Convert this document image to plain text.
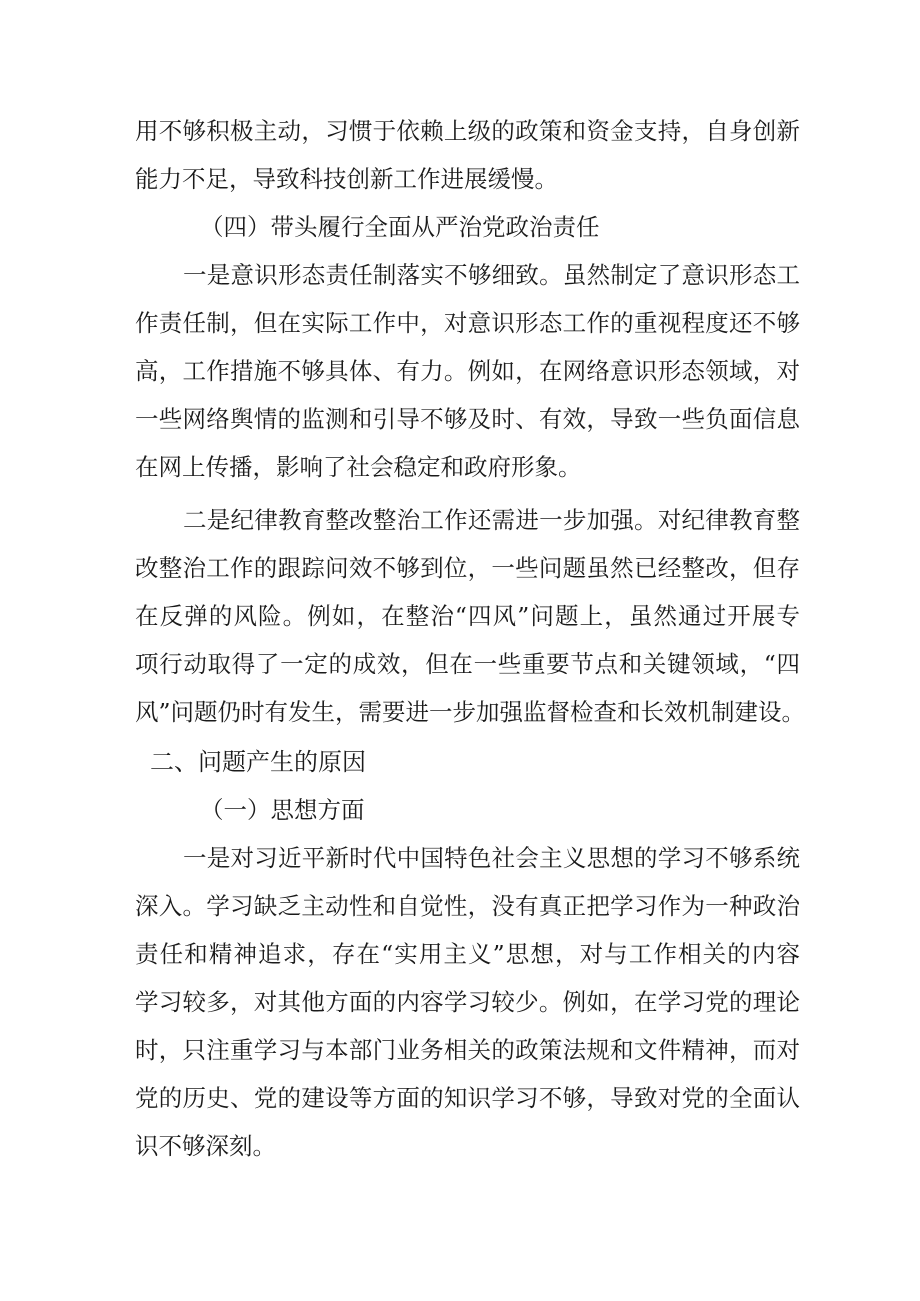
用不够积极主动，习惯于依赖上级的政策和资金支持，自身创新
能力不足，导致科技创新工作进展缓慢。
（四）带头履行全面从严治党政治责任
一是意识形态责任制落实不够细致。虽然制定了意识形态工
作责任制，但在实际工作中，对意识形态工作的重视程度还不够
高，工作措施不够具体、有力。例如，在网络意识形态领域，对
一些网络舆情的监测和引导不够及时、有效，导致一些负面信息
在网上传播，影响了社会稳定和政府形象。
二是纪律教育整改整治工作还需进一步加强。对纪律教育整
改整治工作的跟踪问效不够到位，一些问题虽然已经整改，但存
在反弹的风险。例如，在整治“四风”问题上，虽然通过开展专
项行动取得了一定的成效，但在一些重要节点和关键领域，“四
风”问题仍时有发生，需要进一步加强监督检查和长效机制建设。
二、问题产生的原因
（一）思想方面
一是对习近平新时代中国特色社会主义思想的学习不够系统
深入。学习缺乏主动性和自觉性，没有真正把学习作为一种政治
责任和精神追求，存在“实用主义”思想，对与工作相关的内容
学习较多，对其他方面的内容学习较少。例如，在学习党的理论
时，只注重学习与本部门业务相关的政策法规和文件精神，而对
党的历史、党的建设等方面的知识学习不够，导致对党的全面认
识不够深刻。
